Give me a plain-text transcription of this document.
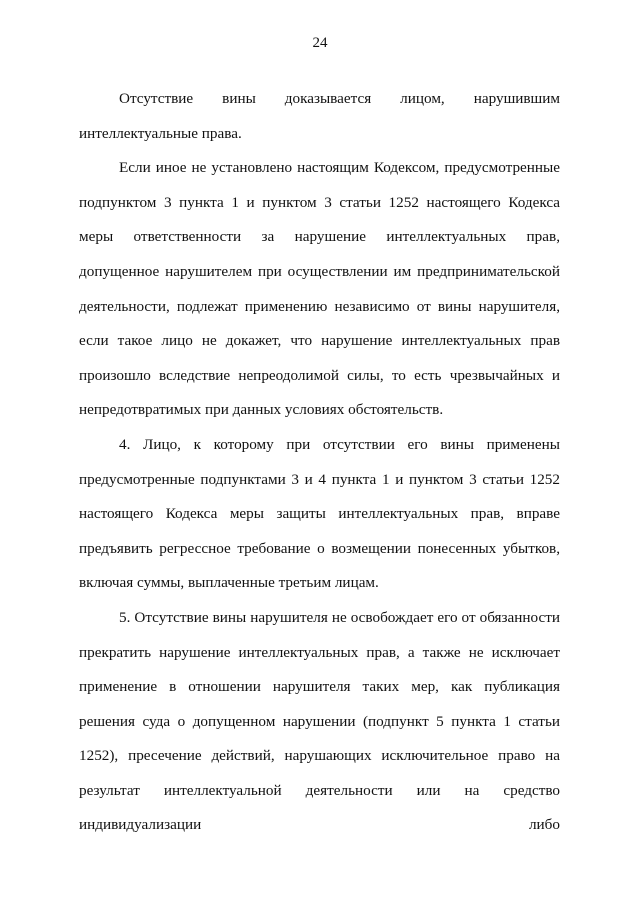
24

Отсутствие вины доказывается лицом, нарушившим интеллектуальные права.

Если иное не установлено настоящим Кодексом, предусмотренные подпунктом 3 пункта 1 и пунктом 3 статьи 1252 настоящего Кодекса меры ответственности за нарушение интеллектуальных прав, допущенное нарушителем при осуществлении им предпринимательской деятельности, подлежат применению независимо от вины нарушителя, если такое лицо не докажет, что нарушение интеллектуальных прав произошло вследствие непреодолимой силы, то есть чрезвычайных и непредотвратимых при данных условиях обстоятельств.

4. Лицо, к которому при отсутствии его вины применены предусмотренные подпунктами 3 и 4 пункта 1 и пунктом 3 статьи 1252 настоящего Кодекса меры защиты интеллектуальных прав, вправе предъявить регрессное требование о возмещении понесенных убытков, включая суммы, выплаченные третьим лицам.

5. Отсутствие вины нарушителя не освобождает его от обязанности прекратить нарушение интеллектуальных прав, а также не исключает применение в отношении нарушителя таких мер, как публикация решения суда о допущенном нарушении (подпункт 5 пункта 1 статьи 1252), пресечение действий, нарушающих исключительное право на результат интеллектуальной деятельности или на средство индивидуализации либо
